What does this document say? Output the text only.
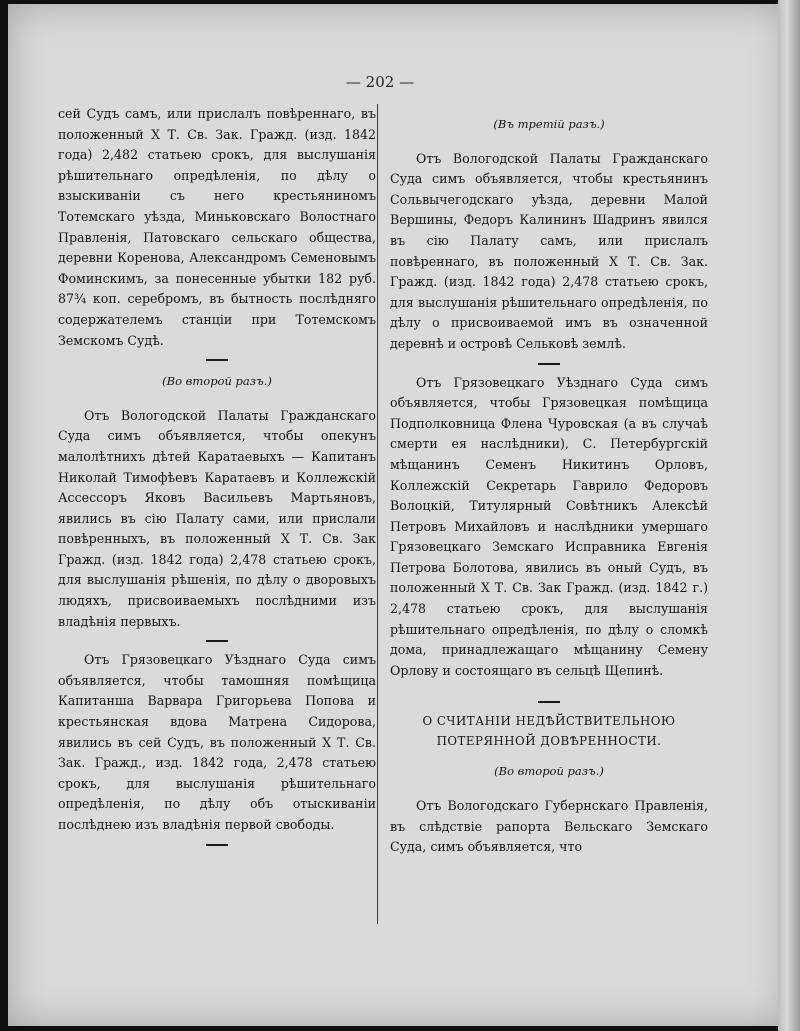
— 202 —

сей Судъ самъ, или прислалъ повѣреннаго, въ положенный X Т. Св. Зак. Гражд. (изд. 1842 года) 2,482 статьею срокъ, для выслушанія рѣшительнаго опредѣленія, по дѣлу о взыскиваніи съ него крестьяниномъ Тотемскаго уѣзда, Миньковскаго Волостнаго Правленія, Патовскаго сельскаго общества, деревни Коренова, Александромъ Семеновымъ Фоминскимъ, за понесенные убытки 182 руб. 87¾ коп. серебромъ, въ бытность послѣдняго содержателемъ станціи при Тотемскомъ Земскомъ Судѣ.

(Во второй разъ.)

Отъ Вологодской Палаты Гражданскаго Суда симъ объявляется, чтобы опекунъ малолѣтнихъ дѣтей Каратаевыхъ — Капитанъ Николай Тимофѣевъ Каратаевъ и Коллежскій Ассессоръ Яковъ Васильевъ Мартьяновъ, явились въ сію Палату сами, или прислали повѣренныхъ, въ положенный X Т. Св. Зак Гражд. (изд. 1842 года) 2,478 статьею срокъ, для выслушанія рѣшенія, по дѣлу о дворовыхъ людяхъ, присвоиваемыхъ послѣдними изъ владѣнія первыхъ.

Отъ Грязовецкаго Уѣзднаго Суда симъ объявляется, чтобы тамошняя помѣщица Капитанша Варвара Григорьева Попова и крестьянская вдова Матрена Сидорова, явились въ сей Судъ, въ положенный X Т. Св. Зак. Гражд., изд. 1842 года, 2,478 статьею срокъ, для выслушанія рѣшительнаго опредѣленія, по дѣлу объ отыскиваніи послѣднею изъ владѣнія первой свободы.

(Въ третій разъ.)

Отъ Вологодской Палаты Гражданскаго Суда симъ объявляется, чтобы крестьянинъ Сольвычегодскаго уѣзда, деревни Малой Вершины, Федоръ Калининъ Шадринъ явился въ сію Палату самъ, или прислалъ повѣреннаго, въ положенный X Т. Св. Зак. Гражд. (изд. 1842 года) 2,478 статьею срокъ, для выслушанія рѣшительнаго опредѣленія, по дѣлу о присвоиваемой имъ въ означенной деревнѣ и островѣ Сельковѣ землѣ.

Отъ Грязовецкаго Уѣзднаго Суда симъ объявляется, чтобы Грязовецкая помѣщица Подполковница Флена Чуровская (а въ случаѣ смерти ея наслѣдники), С. Петербургскій мѣщанинъ Семенъ Никитинъ Орловъ, Коллежскій Секретарь Гаврило Федоровъ Волоцкій, Титулярный Совѣтникъ Алексѣй Петровъ Михайловъ и наслѣдники умершаго Грязовецкаго Земскаго Исправника Евгенія Петрова Болотова, явились въ оный Судъ, въ положенный X Т. Св. Зак Гражд. (изд. 1842 г.) 2,478 статьею срокъ, для выслушанія рѣшительнаго опредѣленія, по дѣлу о сломкѣ дома, принадлежащаго мѣщанину Семену Орлову и состоящаго въ сельцѣ Щепинѣ.

О СЧИТАНІИ НЕДѢЙСТВИТЕЛЬНОЮ ПОТЕРЯННОЙ ДОВѢРЕННОСТИ.
(Во второй разъ.)

Отъ Вологодскаго Губернскаго Правленія, въ слѣдствіе рапорта Вельскаго Земскаго Суда, симъ объявляется, что
